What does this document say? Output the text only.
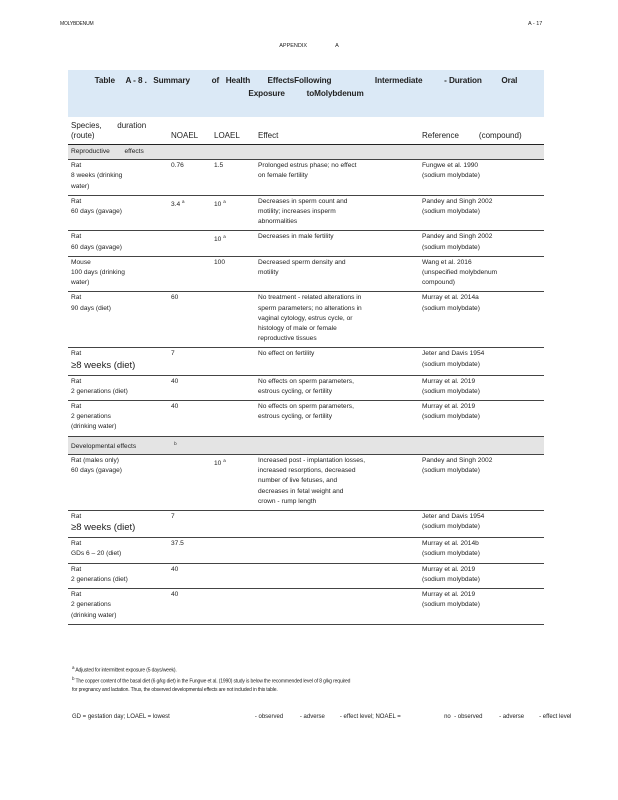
MOLYBDENUM	A - 17
APPENDIX	A
Table     A - 8 .   Summary          of   Health        EffectsFollowing                    Intermediate          - Duration         Oral
Exposure          toMolybdenum
Species,       duration
(route)	NOAEL	LOAEL	Effect	Reference         (compound)
Reproductive        effects				
Rat
8 weeks (drinking
water)	0.76	1.5	Prolonged estrus phase; no effect
on female fertility	Fungwe et al. 1990
(sodium molybdate)
Rat
60 days (gavage)	3.4 $^a$	10 $^a$	Decreases in sperm count and
motility; increases insperm
abnormalities	Pandey and Singh 2002
(sodium molybdate)
Rat
60 days (gavage)		10 $^a$	Decreases in male fertility	Pandey and Singh 2002
(sodium molybdate)
Mouse
100 days (drinking
water)		100	Decreased sperm density and
motility	Wang et al. 2016
(unspecified molybdenum
compound)
Rat
90 days (diet)	60		No treatment - related alterations in
sperm parameters; no alterations in
vaginal cytology, estrus cycle, or
histology of male or female
reproductive tissues	Murray et al. 2014a
(sodium molybdate)
Rat
≥8 weeks (diet)	7		No effect on fertility	Jeter and Davis 1954
(sodium molybdate)
Rat
2 generations (diet)	40		No effects on sperm parameters,
estrous cycling, or fertility	Murray et al. 2019
(sodium molybdate)
Rat
2 generations
(drinking water)	40		No effects on sperm parameters,
estrous cycling, or fertility	Murray et al. 2019
(sodium molybdate)
Developmental effects $^b$
Rat (males only)
60 days (gavage)		10 $^a$	Increased post - implantation losses,
increased resorptions, decreased
number of live fetuses, and
decreases in fetal weight and
crown - rump length	Pandey and Singh 2002
(sodium molybdate)
Rat
≥8 weeks (diet)	7			Jeter and Davis 1954
(sodium molybdate)
Rat
GDs 6 – 20 (diet)	37.5			Murray et al. 2014b
(sodium molybdate)
Rat
2 generations (diet)	40			Murray et al. 2019
(sodium molybdate)
Rat
2 generations
(drinking water)	40			Murray et al. 2019
(sodium molybdate)
a Adjusted for intermittent exposure (5 days/week).
b The copper content of the basal diet (6 g/kg diet) in the Fungwe et al. (1990) study is below the recommended level of 8 g/kg required for pregnancy and lactation. Thus, the observed developmental effects are not included in this table.
GD = gestation day; LOAEL = lowest                                                   - observed          - adverse         - effect level; NOAEL =                          no  - observed          - adverse         - effect level
